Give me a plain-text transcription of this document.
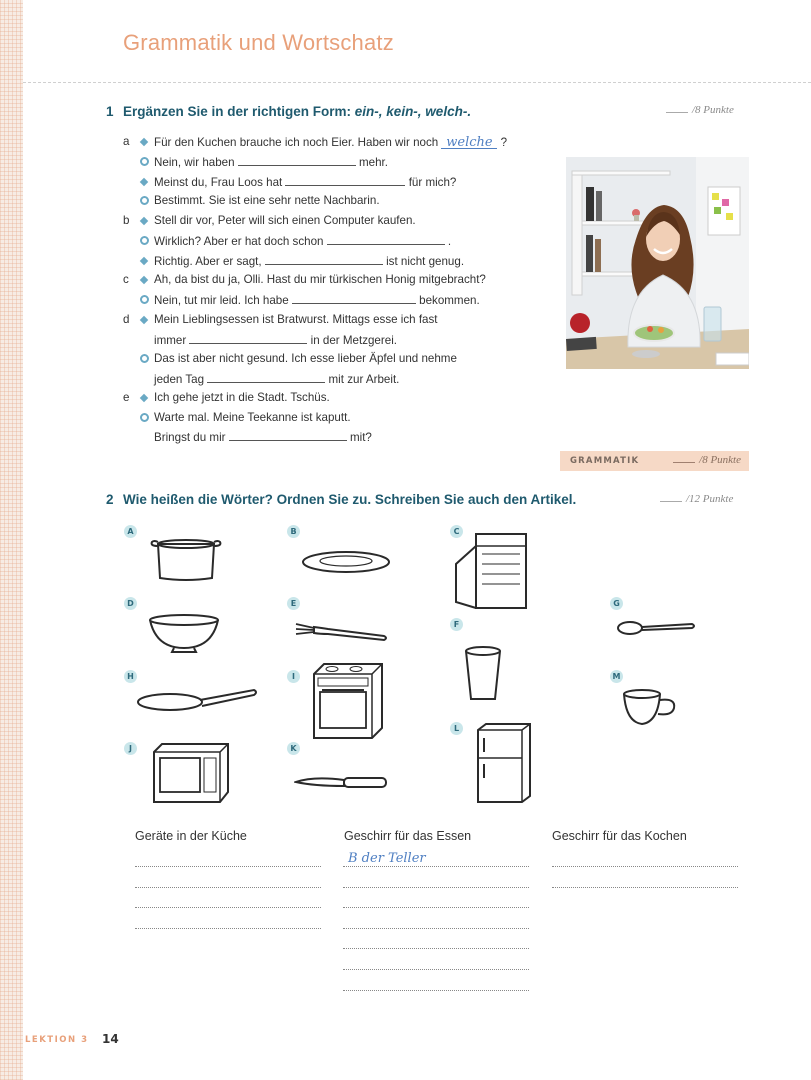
Grammatik und Wortschatz
1 Ergänzen Sie in der richtigen Form: ein-, kein-, welch-.	/8 Punkte
a Für den Kuchen brauche ich noch Eier. Haben wir noch welche ?
Nein, wir haben	mehr.
Meinst du, Frau Loos hat	für mich?
Bestimmt. Sie ist eine sehr nette Nachbarin.
b Stell dir vor, Peter will sich einen Computer kaufen.
Wirklich? Aber er hat doch schon	.
Richtig. Aber er sagt,	ist nicht genug.
c Ah, da bist du ja, Olli. Hast du mir türkischen Honig mitgebracht?
Nein, tut mir leid. Ich habe	bekommen.
d Mein Lieblingsessen ist Bratwurst. Mittags esse ich fast
immer	in der Metzgerei.
Das ist aber nicht gesund. Ich esse lieber Äpfel und nehme
jeden Tag	mit zur Arbeit.
e Ich gehe jetzt in die Stadt. Tschüs.
Warte mal. Meine Teekanne ist kaputt.
Bringst du mir	mit?
GRAMMATIK	/8 Punkte
2 Wie heißen die Wörter? Ordnen Sie zu. Schreiben Sie auch den Artikel.	/12 Punkte
A	B	C
D	E
F
G
H	I	M
J	K
L
Geräte in der Küche	Geschirr für das Essen	Geschirr für das Kochen
B der Teller
LEKTION 3 14
